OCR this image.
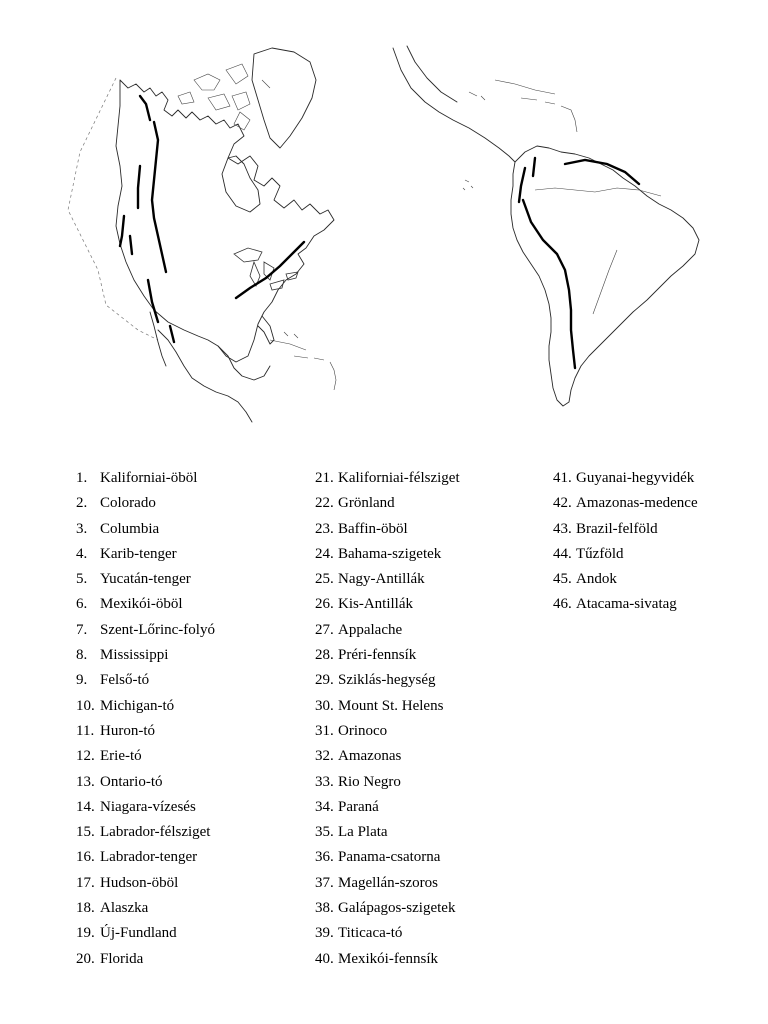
1. Kaliforniai-öböl
2. Colorado
3. Columbia
4. Karib-tenger
5. Yucatán-tenger
6. Mexikói-öböl
7. Szent-Lőrinc-folyó
8. Mississippi
9. Felső-tó
10. Michigan-tó
11. Huron-tó
12. Erie-tó
13. Ontario-tó
14. Niagara-vízesés
15. Labrador-félsziget
16. Labrador-tenger
17. Hudson-öböl
18. Alaszka
19. Új-Fundland
20. Florida
21. Kaliforniai-félsziget
22. Grönland
23. Baffin-öböl
24. Bahama-szigetek
25. Nagy-Antillák
26. Kis-Antillák
27. Appalache
28. Préri-fennsík
29. Sziklás-hegység
30. Mount St. Helens
31. Orinoco
32. Amazonas
33. Rio Negro
34. Paraná
35. La Plata
36. Panama-csatorna
37. Magellán-szoros
38. Galápagos-szigetek
39. Titicaca-tó
40. Mexikói-fennsík
41. Guyanai-hegyvidék
42. Amazonas-medence
43. Brazil-felföld
44. Tűzföld
45. Andok
46. Atacama-sivatag
